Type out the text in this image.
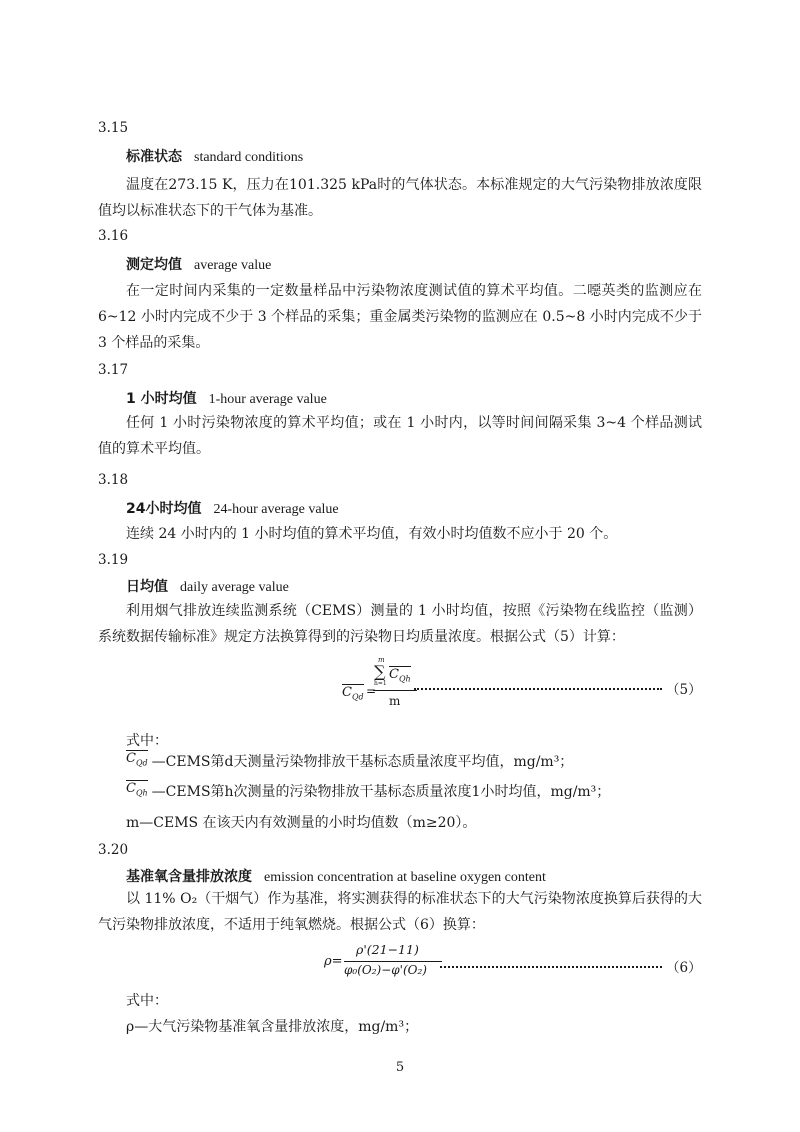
3.15
标准状态 standard conditions

温度在273.15 K，压力在101.325 kPa时的气体状态。本标准规定的大气污染物排放浓度限值均以标准状态下的干气体为基准。

3.16
测定均值 average value

在一定时间内采集的一定数量样品中污染物浓度测试值的算术平均值。二噁英类的监测应在6~12 小时内完成不少于 3 个样品的采集；重金属类污染物的监测应在 0.5~8 小时内完成不少于 3 个样品的采集。

3.17
1 小时均值 1-hour average value

任何 1 小时污染物浓度的算术平均值；或在 1 小时内，以等时间间隔采集 3~4 个样品测试值的算术平均值。

3.18
24小时均值 24-hour average value

连续 24 小时内的 1 小时均值的算术平均值，有效小时均值数不应小于 20 个。

3.19
日均值 daily average value

利用烟气排放连续监测系统（CEMS）测量的 1 小时均值，按照《污染物在线监控（监测）系统数据传输标准》规定方法换算得到的污染物日均质量浓度。根据公式（5）计算：

$C_{Qd}$ =
m
∑
h=1
$C_{Qh}$
m
（5）
式中：
$C_{Qd}$ —CEMS第d天测量污染物排放干基标态质量浓度平均值，mg/m³；
$C_{Qh}$ —CEMS第h次测量的污染物排放干基标态质量浓度1小时均值，mg/m³；
m—CEMS 在该天内有效测量的小时均值数（m≥20）。
3.20
基准氧含量排放浓度 emission concentration at baseline oxygen content

以 11% O₂（干烟气）作为基准，将实测获得的标准状态下的大气污染物浓度换算后获得的大气污染物排放浓度，不适用于纯氧燃烧。根据公式（6）换算：

ρ=
ρ'(21−11)
φ₀(O₂)−φ'(O₂)	（6）
式中：
ρ—大气污染物基准氧含量排放浓度，mg/m³；
5
